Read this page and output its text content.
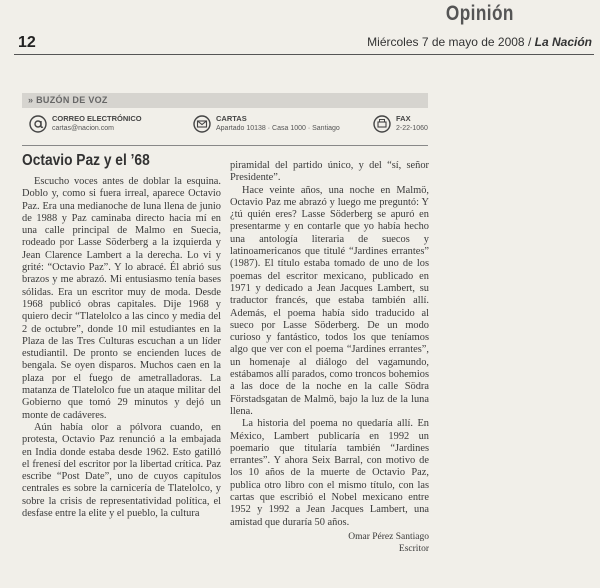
Opinión
12	Miércoles 7 de mayo de 2008 / La Nación
» BUZÓN DE VOZ
CORREO ELECTRÓNICO
cartas@nacion.com
CARTAS
Apartado 10138 · Casa 1000 · Santiago
FAX
2-22-1060
Octavio Paz y el ’68

Escucho voces antes de doblar la esquina. Doblo y, como si fuera irreal, aparece Octavio Paz. Era una medianoche de luna llena de junio de 1988 y Paz caminaba directo hacia mí en una calle principal de Malmo en Suecia, rodeado por Lasse Söderberg a la izquierda y Jean Clarence Lambert a la derecha. Lo vi y grité: “Octavio Paz”. Y lo abracé. Él abrió sus brazos y me abrazó. Mi entusiasmo tenía bases sólidas. Era un escritor muy de moda. Desde 1968 publicó obras capitales. Dije 1968 y quiero decir “Tlatelolco a las cinco y media del 2 de octubre”, donde 10 mil estudiantes en la Plaza de las Tres Culturas escuchan a un líder estudiantil. De pronto se encienden luces de bengala. Se oyen disparos. Muchos caen en la plaza por el fuego de ametralladoras. La matanza de Tlatelolco fue un ataque militar del Gobierno que tomó 29 minutos y dejó un monte de cadáveres.

Aún había olor a pólvora cuando, en protesta, Octavio Paz renunció a la embajada en India donde estaba desde 1962. Esto gatilló el frenesí del escritor por la libertad crítica. Paz escribe “Post Date”, uno de cuyos capítulos centrales es sobre la carnicería de Tlatelolco, y sobre la crisis de representatividad política, el desfase entre la elite y el pueblo, la cultura

piramidal del partido único, y del “sí, señor Presidente”.

Hace veinte años, una noche en Malmö, Octavio Paz me abrazó y luego me preguntó: Y ¿tú quién eres? Lasse Söderberg se apuró en presentarme y en contarle que yo había hecho una antología literaria de suecos y latinoamericanos que titulé “Jardines errantes” (1987). El título estaba tomado de uno de los poemas del escritor mexicano, publicado en 1971 y dedicado a Jean Jacques Lambert, su traductor francés, que estaba también allí. Además, el poema había sido traducido al sueco por Lasse Söderberg. De un modo curioso y fantástico, todos los que teníamos algo que ver con el poema “Jardines errantes”, un homenaje al diálogo del vagamundo, estábamos allí parados, como troncos bohemios a las doce de la noche en la calle Södra Förstadsgatan de Malmö, bajo la luz de la luna llena.

La historia del poema no quedaría allí. En México, Lambert publicaría en 1992 un poemario que titularía también “Jardines errantes”. Y ahora Seix Barral, con motivo de los 10 años de la muerte de Octavio Paz, publica otro libro con el mismo título, con las cartas que escribió el Nobel mexicano entre 1952 y 1992 a Jean Jacques Lambert, una amistad que duraría 50 años.

Omar Pérez Santiago
Escritor
